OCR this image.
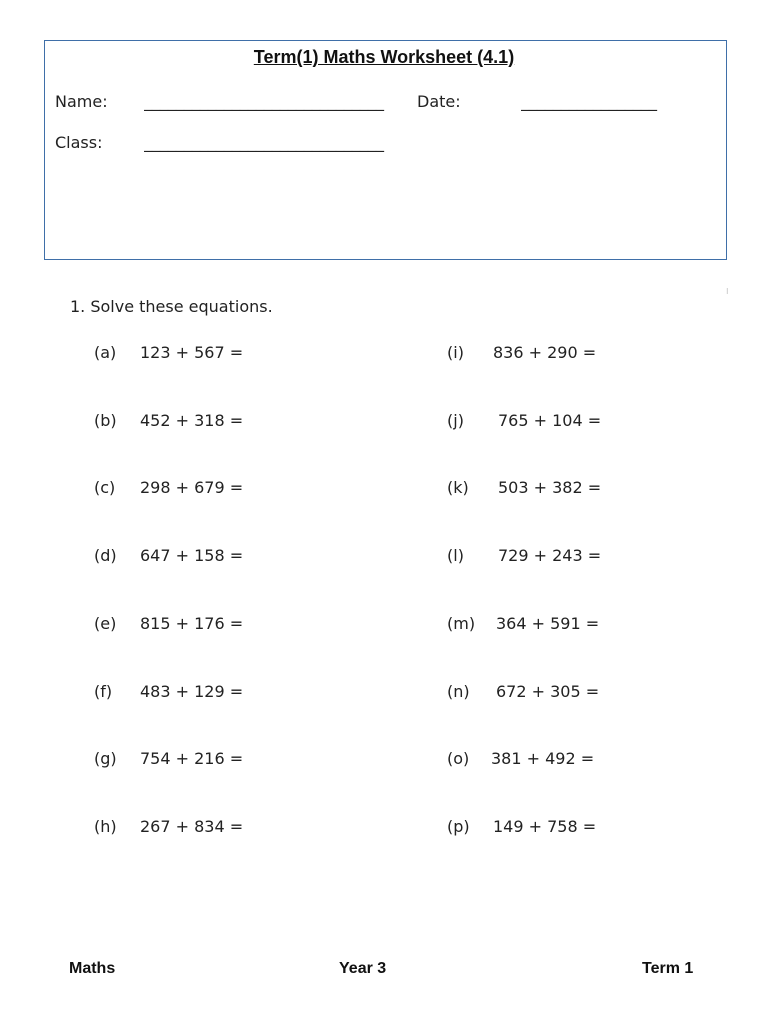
Term(1) Maths Worksheet (4.1)
Name: ______________________________	Date:	_________________
Class:	______________________________
⁝
1. Solve these equations.
(a) 123 + 567 =
(b) 452 + 318 =
(c) 298 + 679 =
(d) 647 + 158 =
(e) 815 + 176 =
(f) 483 + 129 =
(g) 754 + 216 =
(h) 267 + 834 =
(i) 836 + 290 =
(j) 765 + 104 =
(k) 503 + 382 =
(l) 729 + 243 =
(m) 364 + 591 =
(n) 672 + 305 =
(o) 381 + 492 =
(p) 149 + 758 =
Maths	Year 3	Term 1
